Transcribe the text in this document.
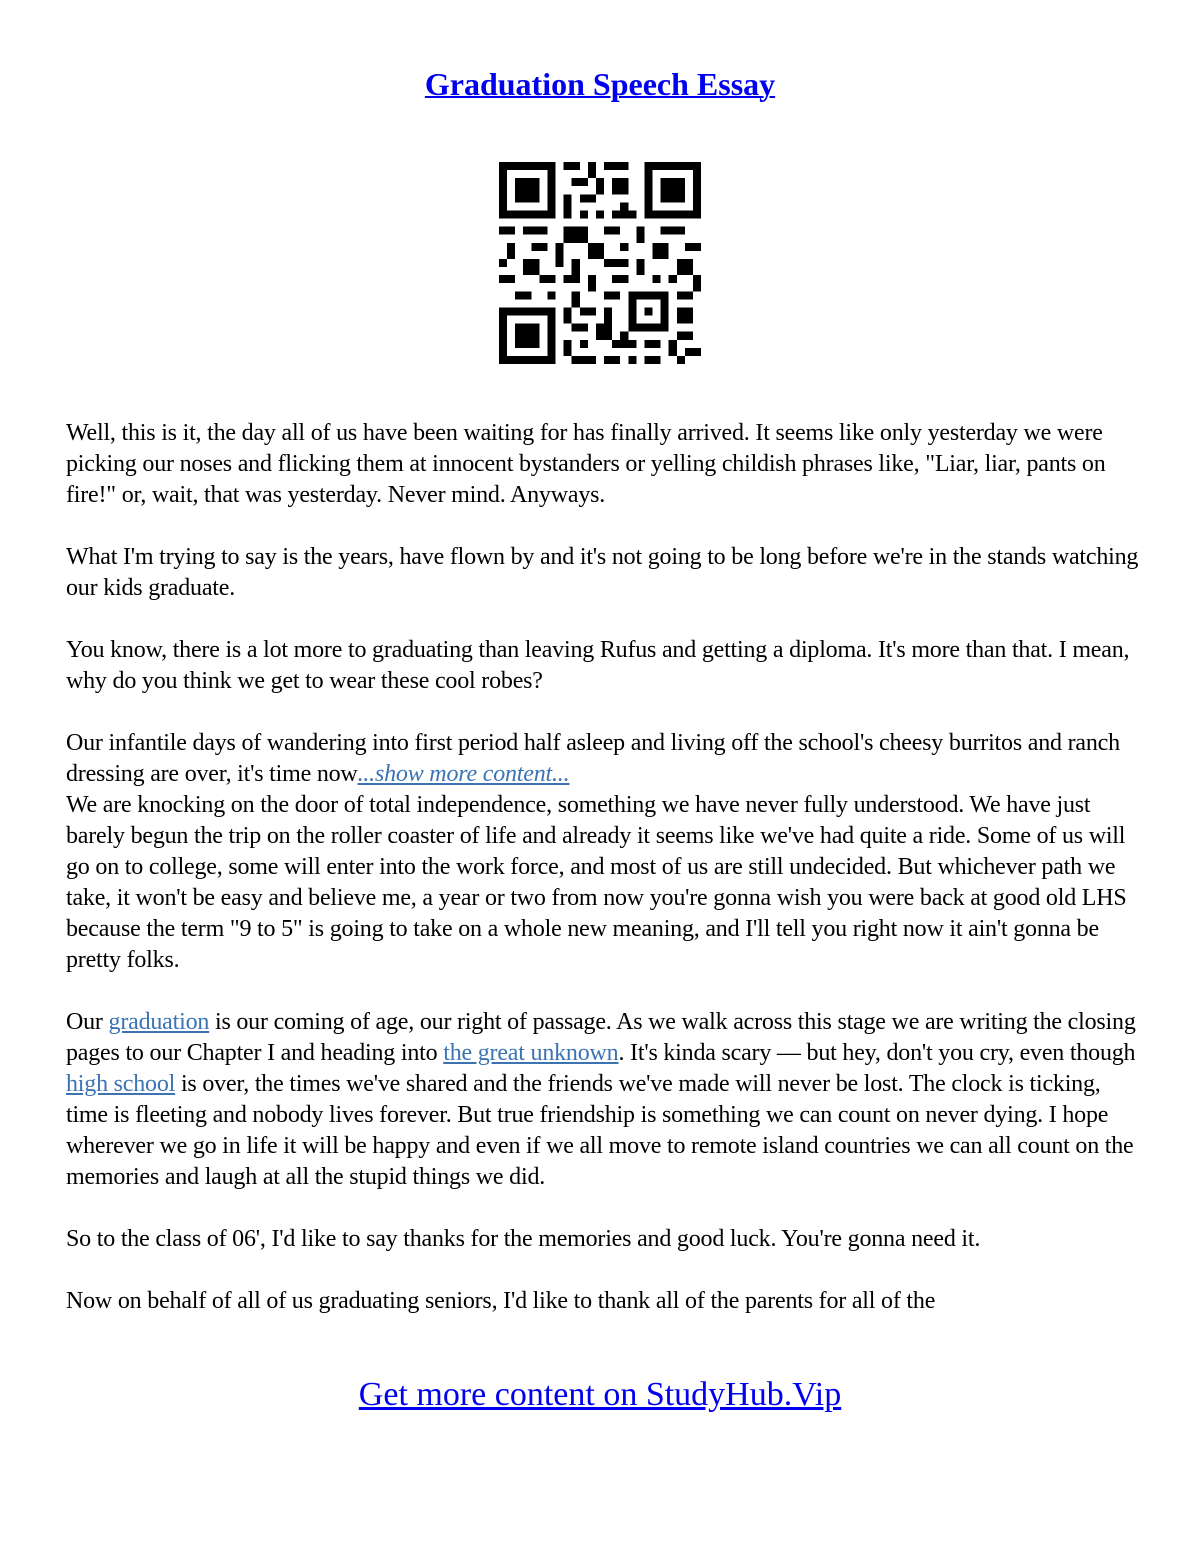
Graduation Speech Essay

Well, this is it, the day all of us have been waiting for has finally arrived. It seems like only yesterday we were picking our noses and flicking them at innocent bystanders or yelling childish phrases like, "Liar, liar, pants on fire!" or, wait, that was yesterday. Never mind. Anyways.

What I'm trying to say is the years, have flown by and it's not going to be long before we're in the stands watching our kids graduate.

You know, there is a lot more to graduating than leaving Rufus and getting a diploma. It's more than that. I mean, why do you think we get to wear these cool robes?

Our infantile days of wandering into first period half asleep and living off the school's cheesy burritos and ranch dressing are over, it's time now...show more content...

We are knocking on the door of total independence, something we have never fully understood. We have just barely begun the trip on the roller coaster of life and already it seems like we've had quite a ride. Some of us will go on to college, some will enter into the work force, and most of us are still undecided. But whichever path we take, it won't be easy and believe me, a year or two from now you're gonna wish you were back at good old LHS because the term "9 to 5" is going to take on a whole new meaning, and I'll tell you right now it ain't gonna be pretty folks.

Our graduation is our coming of age, our right of passage. As we walk across this stage we are writing the closing pages to our Chapter I and heading into the great unknown. It's kinda scary — but hey, don't you cry, even though high school is over, the times we've shared and the friends we've made will never be lost. The clock is ticking, time is fleeting and nobody lives forever. But true friendship is something we can count on never dying. I hope wherever we go in life it will be happy and even if we all move to remote island countries we can all count on the memories and laugh at all the stupid things we did.

So to the class of 06', I'd like to say thanks for the memories and good luck. You're gonna need it.

Now on behalf of all of us graduating seniors, I'd like to thank all of the parents for all of the

Get more content on StudyHub.Vip
